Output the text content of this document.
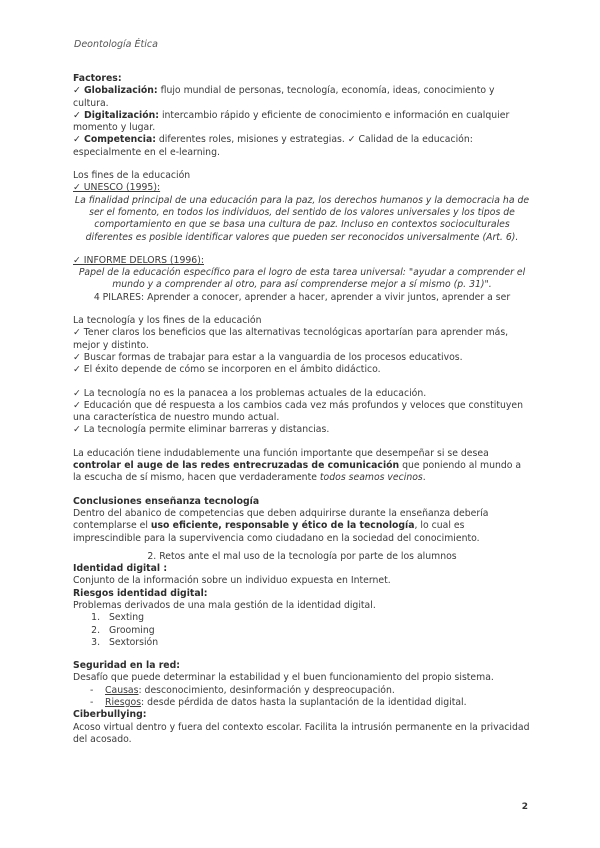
Deontología Ética

Factores:

✓ Globalización: flujo mundial de personas, tecnología, economía, ideas, conocimiento y cultura.

✓ Digitalización: intercambio rápido y eficiente de conocimiento e información en cualquier momento y lugar.

✓ Competencia: diferentes roles, misiones y estrategias. ✓ Calidad de la educación: especialmente en el e-learning.

Los fines de la educación

✓ UNESCO (1995):

La finalidad principal de una educación para la paz, los derechos humanos y la democracia ha de ser el fomento, en todos los individuos, del sentido de los valores universales y los tipos de comportamiento en que se basa una cultura de paz. Incluso en contextos socioculturales diferentes es posible identificar valores que pueden ser reconocidos universalmente (Art. 6).

✓ INFORME DELORS (1996):

Papel de la educación específico para el logro de esta tarea universal: "ayudar a comprender el mundo y a comprender al otro, para así comprenderse mejor a sí mismo (p. 31)".

4 PILARES: Aprender a conocer, aprender a hacer, aprender a vivir juntos, aprender a ser

La tecnología y los fines de la educación

✓ Tener claros los beneficios que las alternativas tecnológicas aportarían para aprender más, mejor y distinto.

✓ Buscar formas de trabajar para estar a la vanguardia de los procesos educativos.

✓ El éxito depende de cómo se incorporen en el ámbito didáctico.

✓ La tecnología no es la panacea a los problemas actuales de la educación.

✓ Educación que dé respuesta a los cambios cada vez más profundos y veloces que constituyen una característica de nuestro mundo actual.

✓ La tecnología permite eliminar barreras y distancias.

La educación tiene indudablemente una función importante que desempeñar si se desea controlar el auge de las redes entrecruzadas de comunicación que poniendo al mundo a la escucha de sí mismo, hacen que verdaderamente todos seamos vecinos.

Conclusiones enseñanza tecnología

Dentro del abanico de competencias que deben adquirirse durante la enseñanza debería contemplarse el uso eficiente, responsable y ético de la tecnología, lo cual es imprescindible para la supervivencia como ciudadano en la sociedad del conocimiento.

2. Retos ante el mal uso de la tecnología por parte de los alumnos

Identidad digital :

Conjunto de la información sobre un individuo expuesta en Internet.

Riesgos identidad digital:

Problemas derivados de una mala gestión de la identidad digital.

1. Sexting
2. Grooming
3. Sextorsión

Seguridad en la red:

Desafío que puede determinar la estabilidad y el buen funcionamiento del propio sistema.

- Causas: desconocimiento, desinformación y despreocupación.
- Riesgos: desde pérdida de datos hasta la suplantación de la identidad digital.

Ciberbullying:

Acoso virtual dentro y fuera del contexto escolar. Facilita la intrusión permanente en la privacidad del acosado.

2
